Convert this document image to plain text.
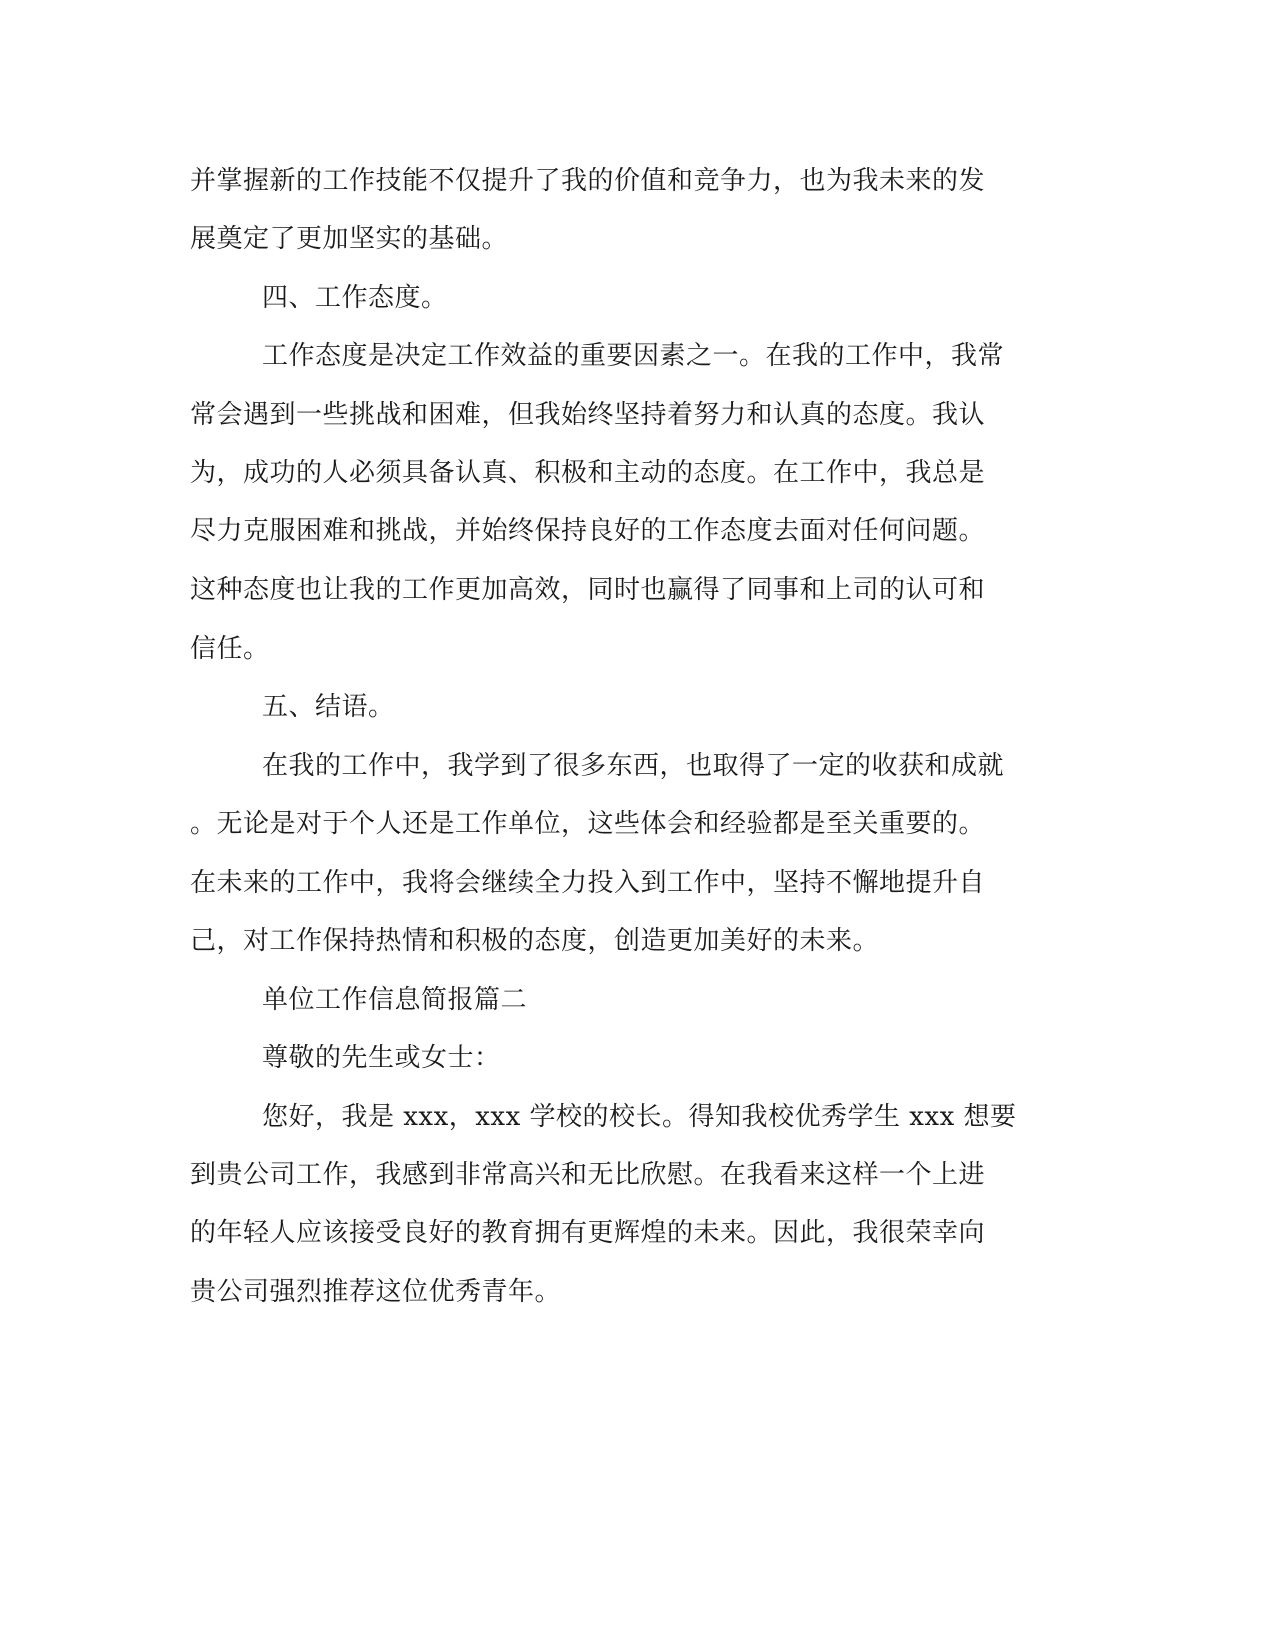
并掌握新的工作技能不仅提升了我的价值和竞争力，也为我未来的发
展奠定了更加坚实的基础。
四、工作态度。
工作态度是决定工作效益的重要因素之一。在我的工作中，我常
常会遇到一些挑战和困难，但我始终坚持着努力和认真的态度。我认
为，成功的人必须具备认真、积极和主动的态度。在工作中，我总是
尽力克服困难和挑战，并始终保持良好的工作态度去面对任何问题。
这种态度也让我的工作更加高效，同时也赢得了同事和上司的认可和
信任。
五、结语。
在我的工作中，我学到了很多东西，也取得了一定的收获和成就
。无论是对于个人还是工作单位，这些体会和经验都是至关重要的。
在未来的工作中，我将会继续全力投入到工作中，坚持不懈地提升自
己，对工作保持热情和积极的态度，创造更加美好的未来。
单位工作信息简报篇二
尊敬的先生或女士：
您好，我是 xxx，xxx 学校的校长。得知我校优秀学生 xxx 想要
到贵公司工作，我感到非常高兴和无比欣慰。在我看来这样一个上进
的年轻人应该接受良好的教育拥有更辉煌的未来。因此，我很荣幸向
贵公司强烈推荐这位优秀青年。
